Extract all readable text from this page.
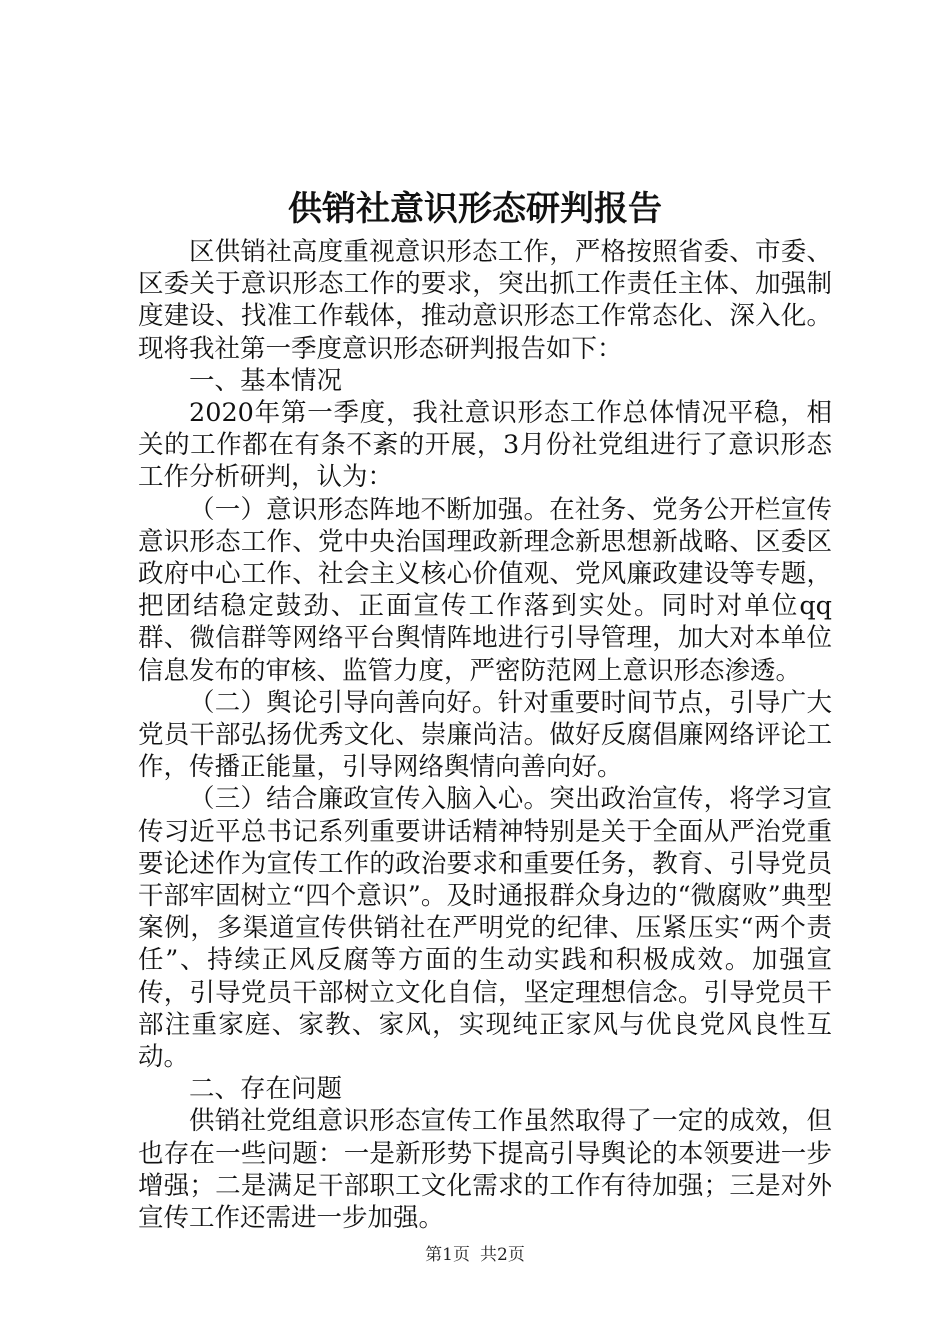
供销社意识形态研判报告

区供销社高度重视意识形态工作，严格按照省委、市委、区委关于意识形态工作的要求，突出抓工作责任主体、加强制度建设、找准工作载体，推动意识形态工作常态化、深入化。现将我社第一季度意识形态研判报告如下：

一、基本情况

2020年第一季度，我社意识形态工作总体情况平稳，相关的工作都在有条不紊的开展，3月份社党组进行了意识形态工作分析研判，认为：

（一）意识形态阵地不断加强。在社务、党务公开栏宣传意识形态工作、党中央治国理政新理念新思想新战略、区委区政府中心工作、社会主义核心价值观、党风廉政建设等专题，把团结稳定鼓劲、正面宣传工作落到实处。同时对单位qq群、微信群等网络平台舆情阵地进行引导管理，加大对本单位信息发布的审核、监管力度，严密防范网上意识形态渗透。

（二）舆论引导向善向好。针对重要时间节点，引导广大党员干部弘扬优秀文化、崇廉尚洁。做好反腐倡廉网络评论工作，传播正能量，引导网络舆情向善向好。

（三）结合廉政宣传入脑入心。突出政治宣传，将学习宣传习近平总书记系列重要讲话精神特别是关于全面从严治党重要论述作为宣传工作的政治要求和重要任务，教育、引导党员干部牢固树立“四个意识”。及时通报群众身边的“微腐败”典型案例，多渠道宣传供销社在严明党的纪律、压紧压实“两个责任”、持续正风反腐等方面的生动实践和积极成效。加强宣传，引导党员干部树立文化自信，坚定理想信念。引导党员干部注重家庭、家教、家风，实现纯正家风与优良党风良性互动。

二、存在问题

供销社党组意识形态宣传工作虽然取得了一定的成效，但也存在一些问题：一是新形势下提高引导舆论的本领要进一步增强；二是满足干部职工文化需求的工作有待加强；三是对外宣传工作还需进一步加强。

第1页 共2页
